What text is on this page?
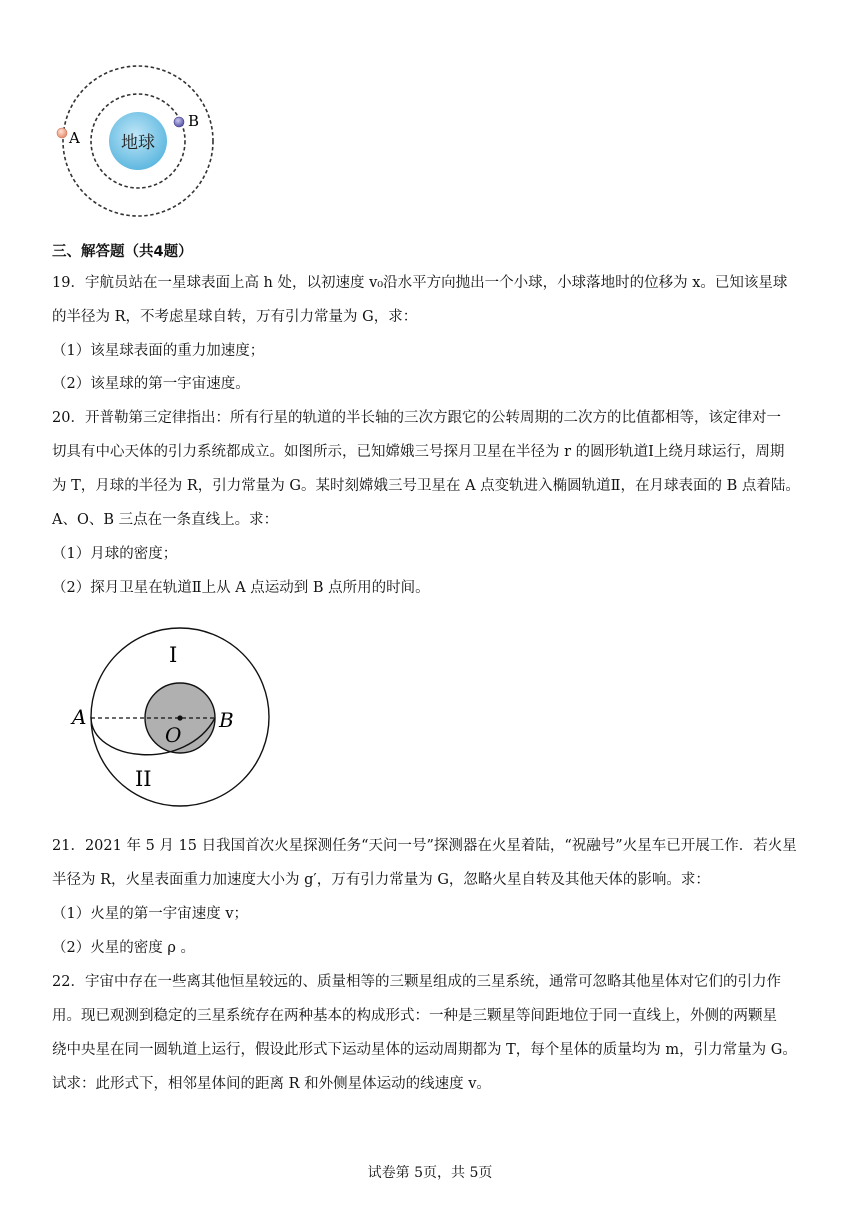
地球
A
B
三、解答题（共4题）
19．宇航员站在一星球表面上高 h 处，以初速度 v₀沿水平方向抛出一个小球，小球落地时的位移为 x。已知该星球
的半径为 R，不考虑星球自转，万有引力常量为 G，求：
（1）该星球表面的重力加速度；
（2）该星球的第一宇宙速度。
20．开普勒第三定律指出：所有行星的轨道的半长轴的三次方跟它的公转周期的二次方的比值都相等，该定律对一
切具有中心天体的引力系统都成立。如图所示，已知嫦娥三号探月卫星在半径为 r 的圆形轨道Ⅰ上绕月球运行，周期
为 T，月球的半径为 R，引力常量为 G。某时刻嫦娥三号卫星在 A 点变轨进入椭圆轨道Ⅱ，在月球表面的 B 点着陆。
A、O、B 三点在一条直线上。求：
（1）月球的密度；
（2）探月卫星在轨道Ⅱ上从 A 点运动到 B 点所用的时间。
I
II
A	B
O
21．2021 年 5 月 15 日我国首次火星探测任务“天问一号”探测器在火星着陆，“祝融号”火星车已开展工作．若火星
半径为 R，火星表面重力加速度大小为 g′，万有引力常量为 G，忽略火星自转及其他天体的影响。求：
（1）火星的第一宇宙速度 v；
（2）火星的密度 ρ 。
22．宇宙中存在一些离其他恒星较远的、质量相等的三颗星组成的三星系统，通常可忽略其他星体对它们的引力作
用。现已观测到稳定的三星系统存在两种基本的构成形式：一种是三颗星等间距地位于同一直线上，外侧的两颗星
绕中央星在同一圆轨道上运行，假设此形式下运动星体的运动周期都为 T，每个星体的质量均为 m，引力常量为 G。
试求：此形式下，相邻星体间的距离 R 和外侧星体运动的线速度 v。
试卷第 5页，共 5页
